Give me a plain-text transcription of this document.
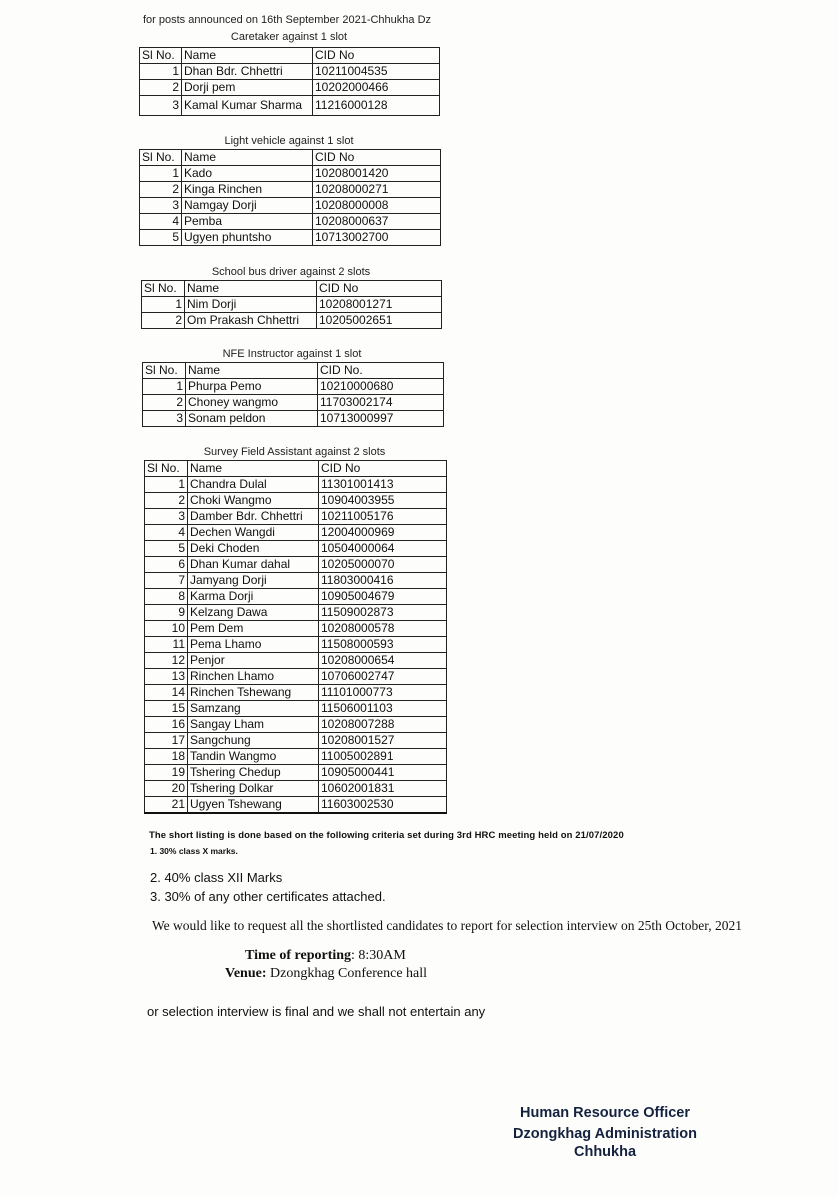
for posts announced on 16th September 2021-Chhukha Dz
Caretaker against 1 slot
Sl No.	Name	CID No
1	Dhan Bdr. Chhettri	10211004535
2	Dorji pem	10202000466
3	Kamal Kumar Sharma	11216000128
Light vehicle against 1 slot
Sl No.	Name	CID No
1	Kado	10208001420
2	Kinga Rinchen	10208000271
3	Namgay Dorji	10208000008
4	Pemba	10208000637
5	Ugyen phuntsho	10713002700
School bus driver against 2 slots
Sl No.	Name	CID No
1	Nim Dorji	10208001271
2	Om Prakash Chhettri	10205002651
NFE Instructor against 1 slot
Sl No.	Name	CID No.
1	Phurpa Pemo	10210000680
2	Choney wangmo	11703002174
3	Sonam peldon	10713000997
Survey Field Assistant against 2 slots
Sl No.	Name	CID No
1	Chandra Dulal	11301001413
2	Choki Wangmo	10904003955
3	Damber Bdr. Chhettri	10211005176
4	Dechen Wangdi	12004000969
5	Deki Choden	10504000064
6	Dhan Kumar dahal	10205000070
7	Jamyang Dorji	11803000416
8	Karma Dorji	10905004679
9	Kelzang Dawa	11509002873
10	Pem Dem	10208000578
11	Pema Lhamo	11508000593
12	Penjor	10208000654
13	Rinchen Lhamo	10706002747
14	Rinchen Tshewang	11101000773
15	Samzang	11506001103
16	Sangay Lham	10208007288
17	Sangchung	10208001527
18	Tandin Wangmo	11005002891
19	Tshering Chedup	10905000441
20	Tshering Dolkar	10602001831
21	Ugyen Tshewang	11603002530
The short listing is done based on the following criteria set during 3rd HRC meeting held on 21/07/2020
1. 30% class X marks.
2. 40% class XII Marks
3. 30% of any other certificates attached.
We would like to request all the shortlisted candidates to report for selection interview on 25th October, 2021
Time of reporting: 8:30AM
Venue: Dzongkhag Conference hall
or selection interview is final and we shall not entertain any
Human Resource Officer
Dzongkhag Administration
Chhukha
